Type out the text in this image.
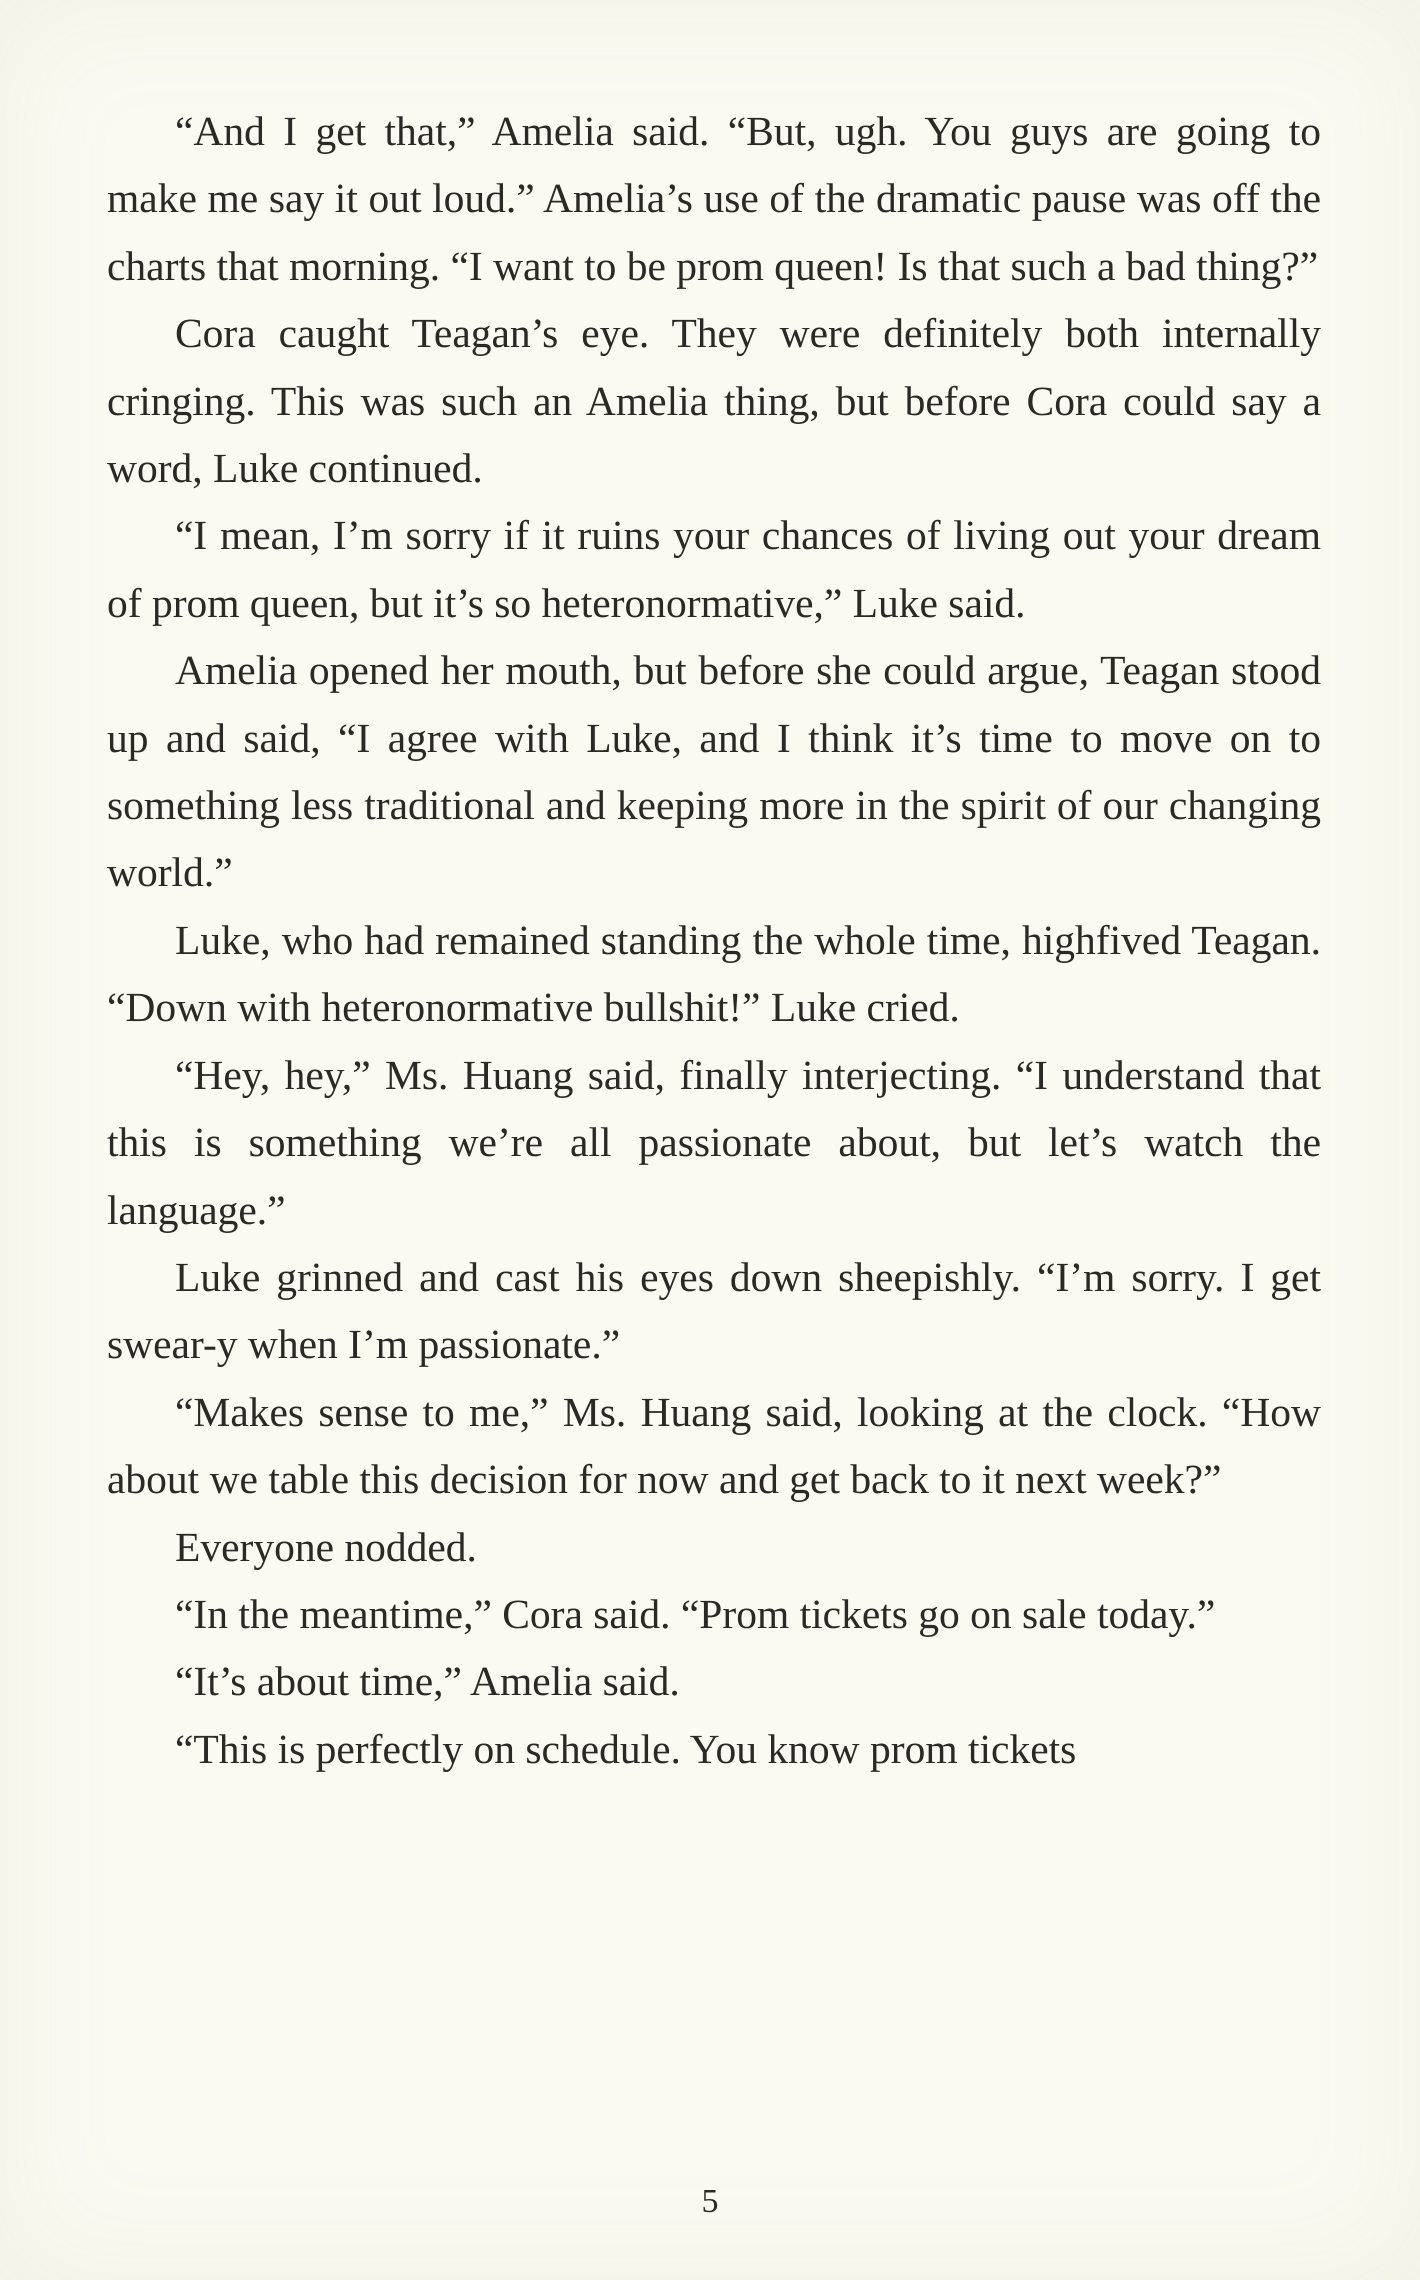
“And I get that,” Amelia said. “But, ugh. You guys are going to make me say it out loud.” Amelia’s use of the dramatic pause was off the charts that morning. “I want to be prom queen! Is that such a bad thing?”

Cora caught Teagan’s eye. They were definitely both internally cringing. This was such an Amelia thing, but before Cora could say a word, Luke continued.

“I mean, I’m sorry if it ruins your chances of living out your dream of prom queen, but it’s so heteronormative,” Luke said.

Amelia opened her mouth, but before she could argue, Teagan stood up and said, “I agree with Luke, and I think it’s time to move on to something less traditional and keeping more in the spirit of our changing world.”

Luke, who had remained standing the whole time, highfived Teagan. “Down with heteronormative bullshit!” Luke cried.

“Hey, hey,” Ms. Huang said, finally interjecting. “I understand that this is something we’re all passionate about, but let’s watch the language.”

Luke grinned and cast his eyes down sheepishly. “I’m sorry. I get swear-y when I’m passionate.”

“Makes sense to me,” Ms. Huang said, looking at the clock. “How about we table this decision for now and get back to it next week?”

Everyone nodded.

“In the meantime,” Cora said. “Prom tickets go on sale today.”

“It’s about time,” Amelia said.

“This is perfectly on schedule. You know prom tickets

5
